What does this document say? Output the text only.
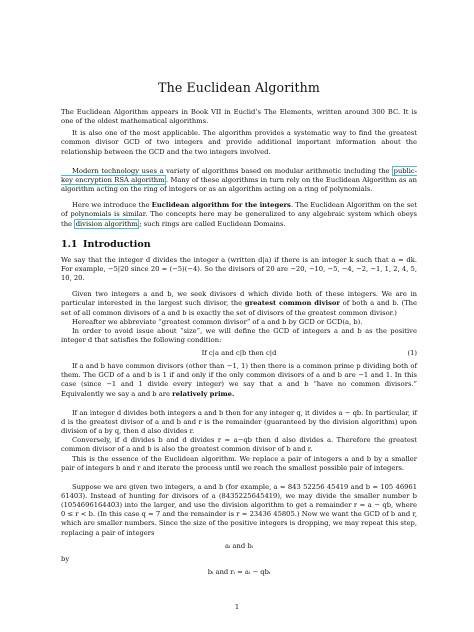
The Euclidean Algorithm

The Euclidean Algorithm appears in Book VII in Euclid’s The Elements, written around 300 BC. It is one of the oldest mathematical algorithms.

It is also one of the most applicable. The algorithm provides a systematic way to find the greatest common divisor GCD of two integers and provide additional important information about the relationship between the GCD and the two integers involved.

Modern technology uses a variety of algorithms based on modular arithmetic including the public-key encryption RSA algorithm . Many of these algorithms in turn rely on the Euclidean Algorithm as an algorithm acting on the ring of integers or as an algorithm acting on a ring of polynomials.

Here we introduce the Euclidean algorithm for the integers. The Euclidean Algorithm on the set of polynomials is similar. The concepts here may be generalized to any algebraic system which obeys the division algorithm ; such rings are called Euclidean Domains.

1.1 Introduction

We say that the integer d divides the integer a (written d|a) if there is an integer k such that a = dk. For example, −5|20 since 20 = (−5)(−4). So the divisors of 20 are −20, −10, −5, −4, −2, −1, 1, 2, 4, 5, 10, 20.

Given two integers a and b, we seek divisors d which divide both of these integers. We are in particular interested in the largest such divisor, the greatest common divisor of both a and b. (The set of all common divisors of a and b is exactly the set of divisors of the greatest common divisor.)

Hereafter we abbreviate “greatest common divisor” of a and b by GCD or GCD(a, b).

In order to avoid issue about “size”, we will define the GCD of integers a and b as the positive integer d that satisfies the following condition:

If c|a and c|b then c|d	(1)

If a and b have common divisors (other than −1, 1) then there is a common prime p dividing both of them. The GCD of a and b is 1 if and only if the only common divisors of a and b are −1 and 1. In this case (since −1 and 1 divide every integer) we say that a and b “have no common divisors.” Equivalently we say a and b are relatively prime.

If an integer d divides both integers a and b then for any integer q, it divides a − qb. In particular, if d is the greatest divisor of a and b and r is the remainder (guaranteed by the division algorithm) upon division of a by q, then d also divides r.

Conversely, if d divides b and d divides r = a−qb then d also divides a. Therefore the greatest common divisor of a and b is also the greatest common divisor of b and r.

This is the essence of the Euclidean algorithm. We replace a pair of integers a and b by a smaller pair of integers b and r and iterate the process until we reach the smallest possible pair of integers.

Suppose we are given two integers, a and b (for example, a = 843 52256 45419 and b = 105 46961 61403). Instead of hunting for divisors of a (8435225645419), we may divide the smaller number b (1054696164403) into the larger, and use the division algorithm to get a remainder r = a − qb, where 0 ≤ r < b. (In this case q = 7 and the remainder is r = 23436 45805.) Now we want the GCD of b and r, which are smaller numbers. Since the size of the positive integers is dropping, we may repeat this step, replacing a pair of integers

aᵢ and bᵢ
by
bᵢ and rᵢ = aᵢ − qbᵢ
1
